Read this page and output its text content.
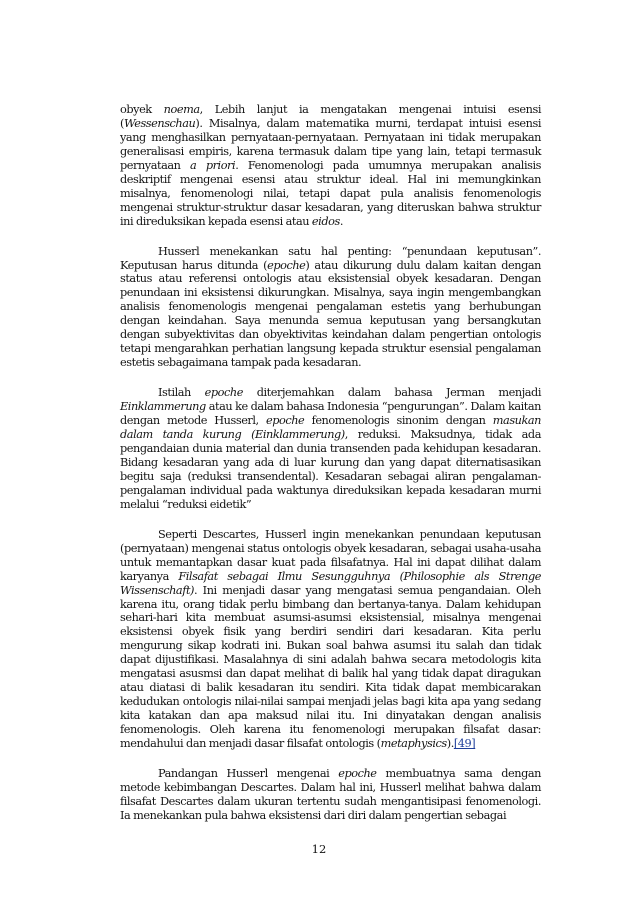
obyek noema, Lebih lanjut ia mengatakan mengenai intuisi esensi (Wessenschau). Misalnya, dalam matematika murni, terdapat intuisi esensi yang menghasilkan pernyataan-pernyataan. Pernyataan ini tidak merupakan generalisasi empiris, karena termasuk dalam tipe yang lain, tetapi termasuk pernyataan a priori. Fenomenologi pada umumnya merupakan analisis deskriptif mengenai esensi atau struktur ideal. Hal ini memungkinkan misalnya, fenomenologi nilai, tetapi dapat pula analisis fenomenologis mengenai struktur-struktur dasar kesadaran, yang diteruskan bahwa struktur ini direduksikan kepada esensi atau eidos.

Husserl menekankan satu hal penting: “penundaan keputusan”. Keputusan harus ditunda (epoche) atau dikurung dulu dalam kaitan dengan status atau referensi ontologis atau eksistensial obyek kesadaran. Dengan penundaan ini eksistensi dikurungkan. Misalnya, saya ingin mengembangkan analisis fenomenologis mengenai pengalaman estetis yang berhubungan dengan keindahan. Saya menunda semua keputusan yang bersangkutan dengan subyektivitas dan obyektivitas keindahan dalam pengertian ontologis tetapi mengarahkan perhatian langsung kepada struktur esensial pengalaman estetis sebagaimana tampak pada kesadaran.

Istilah epoche diterjemahkan dalam bahasa Jerman menjadi Einklammerung atau ke dalam bahasa Indonesia “pengurungan”. Dalam kaitan dengan metode Husserl, epoche fenomenologis sinonim dengan masukan dalam tanda kurung (Einklammerung), reduksi. Maksudnya, tidak ada pengandaian dunia material dan dunia transenden pada kehidupan kesadaran. Bidang kesadaran yang ada di luar kurung dan yang dapat diternatisasikan begitu saja (reduksi transendental). Kesadaran sebagai aliran pengalaman-pengalaman individual pada waktunya direduksikan kepada kesadaran murni melalui “reduksi eidetik”

Seperti Descartes, Husserl ingin menekankan penundaan keputusan (pernyataan) mengenai status ontologis obyek kesadaran, sebagai usaha-usaha untuk memantapkan dasar kuat pada filsafatnya. Hal ini dapat dilihat dalam karyanya Filsafat sebagai Ilmu Sesungguhnya (Philosophie als Strenge Wissenschaft). Ini menjadi dasar yang mengatasi semua pengandaian. Oleh karena itu, orang tidak perlu bimbang dan bertanya-tanya. Dalam kehidupan sehari-hari kita membuat asumsi-asumsi eksistensial, misalnya mengenai eksistensi obyek fisik yang berdiri sendiri dari kesadaran. Kita perlu mengurung sikap kodrati ini. Bukan soal bahwa asumsi itu salah dan tidak dapat dijustifikasi. Masalahnya di sini adalah bahwa secara metodologis kita mengatasi asusmsi dan dapat melihat di balik hal yang tidak dapat diragukan atau diatasi di balik kesadaran itu sendiri. Kita tidak dapat membicarakan kedudukan ontologis nilai-nilai sampai menjadi jelas bagi kita apa yang sedang kita katakan dan apa maksud nilai itu. Ini dinyatakan dengan analisis fenomenologis. Oleh karena itu fenomenologi merupakan filsafat dasar: mendahului dan menjadi dasar filsafat ontologis (metaphysics).[49]

Pandangan Husserl mengenai epoche membuatnya sama dengan metode kebimbangan Descartes. Dalam hal ini, Husserl melihat bahwa dalam filsafat Descartes dalam ukuran tertentu sudah mengantisipasi fenomenologi. Ia menekankan pula bahwa eksistensi dari diri dalam pengertian sebagai

12
